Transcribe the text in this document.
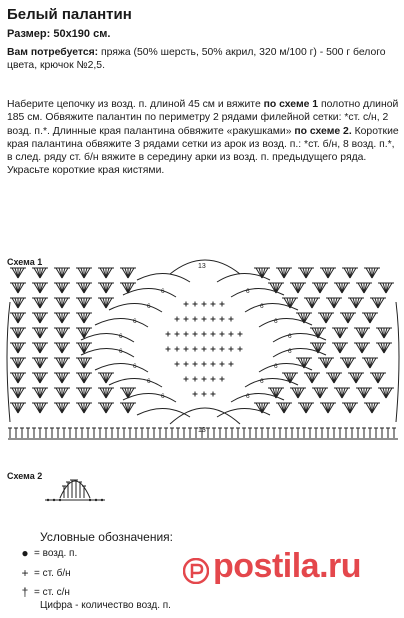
Белый палантин
Размер: 50x190 см.
Вам потребуется: пряжа (50% шерсть, 50% акрил, 320 м/100 г) - 500 г белого цвета, крючок №2,5.
Наберите цепочку из возд. п. длиной 45 см и вяжите по схеме 1 полотно длиной 185 см. Обвяжите палантин по периметру 2 рядами филейной сетки: *ст. с/н, 2 возд. п.*. Длинные края палантина обвяжите «ракушками» по схеме 2. Короткие края палантина обвяжите 3 рядами сетки из арок из возд. п.: *ст. б/н, 8 возд. п.*, в след. ряду ст. б/н вяжите в середину арки из возд. п. предыдущего ряда. Украсьте короткие края кистями.
Схема 1	13
13
6	6
6	6
6	6
6	6
6	6
6	6
6	6
6	6
Схема 2
Условные обозначения:
● = возд. п.
+ = ст. б/н
† = ст. с/н
Цифра - количество возд. п.
postila.ru
